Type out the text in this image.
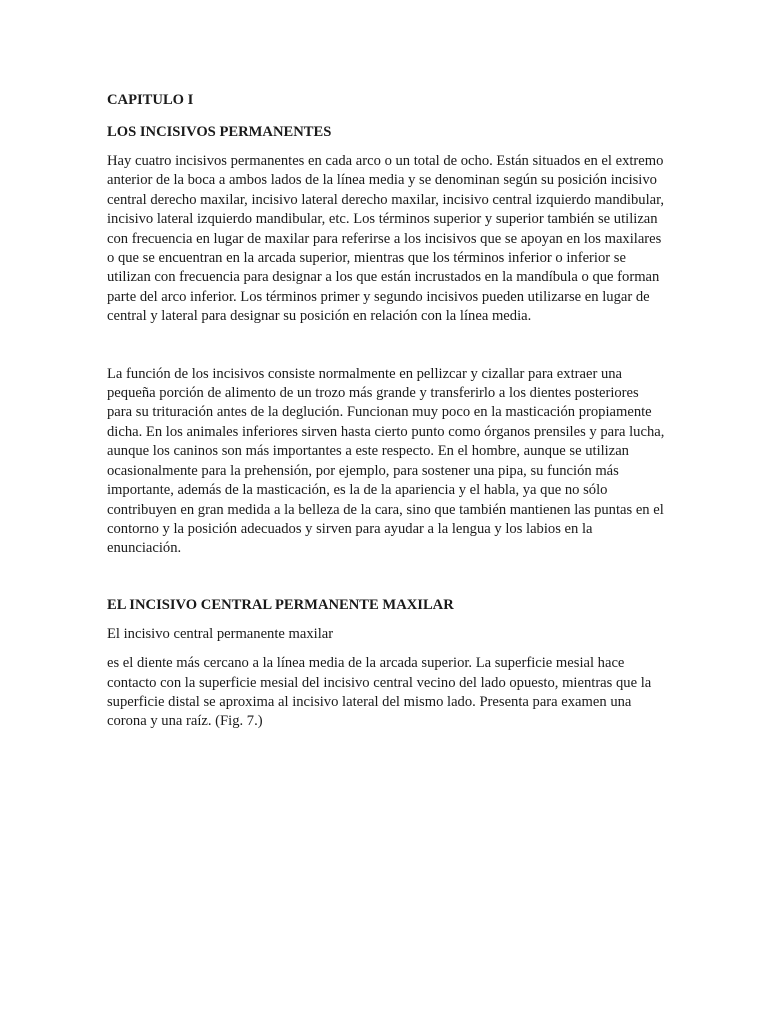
CAPITULO I

LOS INCISIVOS PERMANENTES

Hay cuatro incisivos permanentes en cada arco o un total de ocho. Están situados en el extremo anterior de la boca a ambos lados de la línea media y se denominan según su posición incisivo central derecho maxilar, incisivo lateral derecho maxilar, incisivo central izquierdo mandibular, incisivo lateral izquierdo mandibular, etc. Los términos superior y superior también se utilizan con frecuencia en lugar de maxilar para referirse a los incisivos que se apoyan en los maxilares o que se encuentran en la arcada superior, mientras que los términos inferior o inferior se utilizan con frecuencia para designar a los que están incrustados en la mandíbula o que forman parte del arco inferior. Los términos primer y segundo incisivos pueden utilizarse en lugar de central y lateral para designar su posición en relación con la línea media.

La función de los incisivos consiste normalmente en pellizcar y cizallar para extraer una pequeña porción de alimento de un trozo más grande y transferirlo a los dientes posteriores para su trituración antes de la deglución. Funcionan muy poco en la masticación propiamente dicha. En los animales inferiores sirven hasta cierto punto como órganos prensiles y para lucha, aunque los caninos son más importantes a este respecto. En el hombre, aunque se utilizan ocasionalmente para la prehensión, por ejemplo, para sostener una pipa, su función más importante, además de la masticación, es la de la apariencia y el habla, ya que no sólo contribuyen en gran medida a la belleza de la cara, sino que también mantienen las puntas en el contorno y la posición adecuados y sirven para ayudar a la lengua y los labios en la enunciación.

EL INCISIVO CENTRAL PERMANENTE MAXILAR

El incisivo central permanente maxilar

es el diente más cercano a la línea media de la arcada superior. La superficie mesial hace contacto con la superficie mesial del incisivo central vecino del lado opuesto, mientras que la superficie distal se aproxima al incisivo lateral del mismo lado. Presenta para examen una corona y una raíz. (Fig. 7.)
